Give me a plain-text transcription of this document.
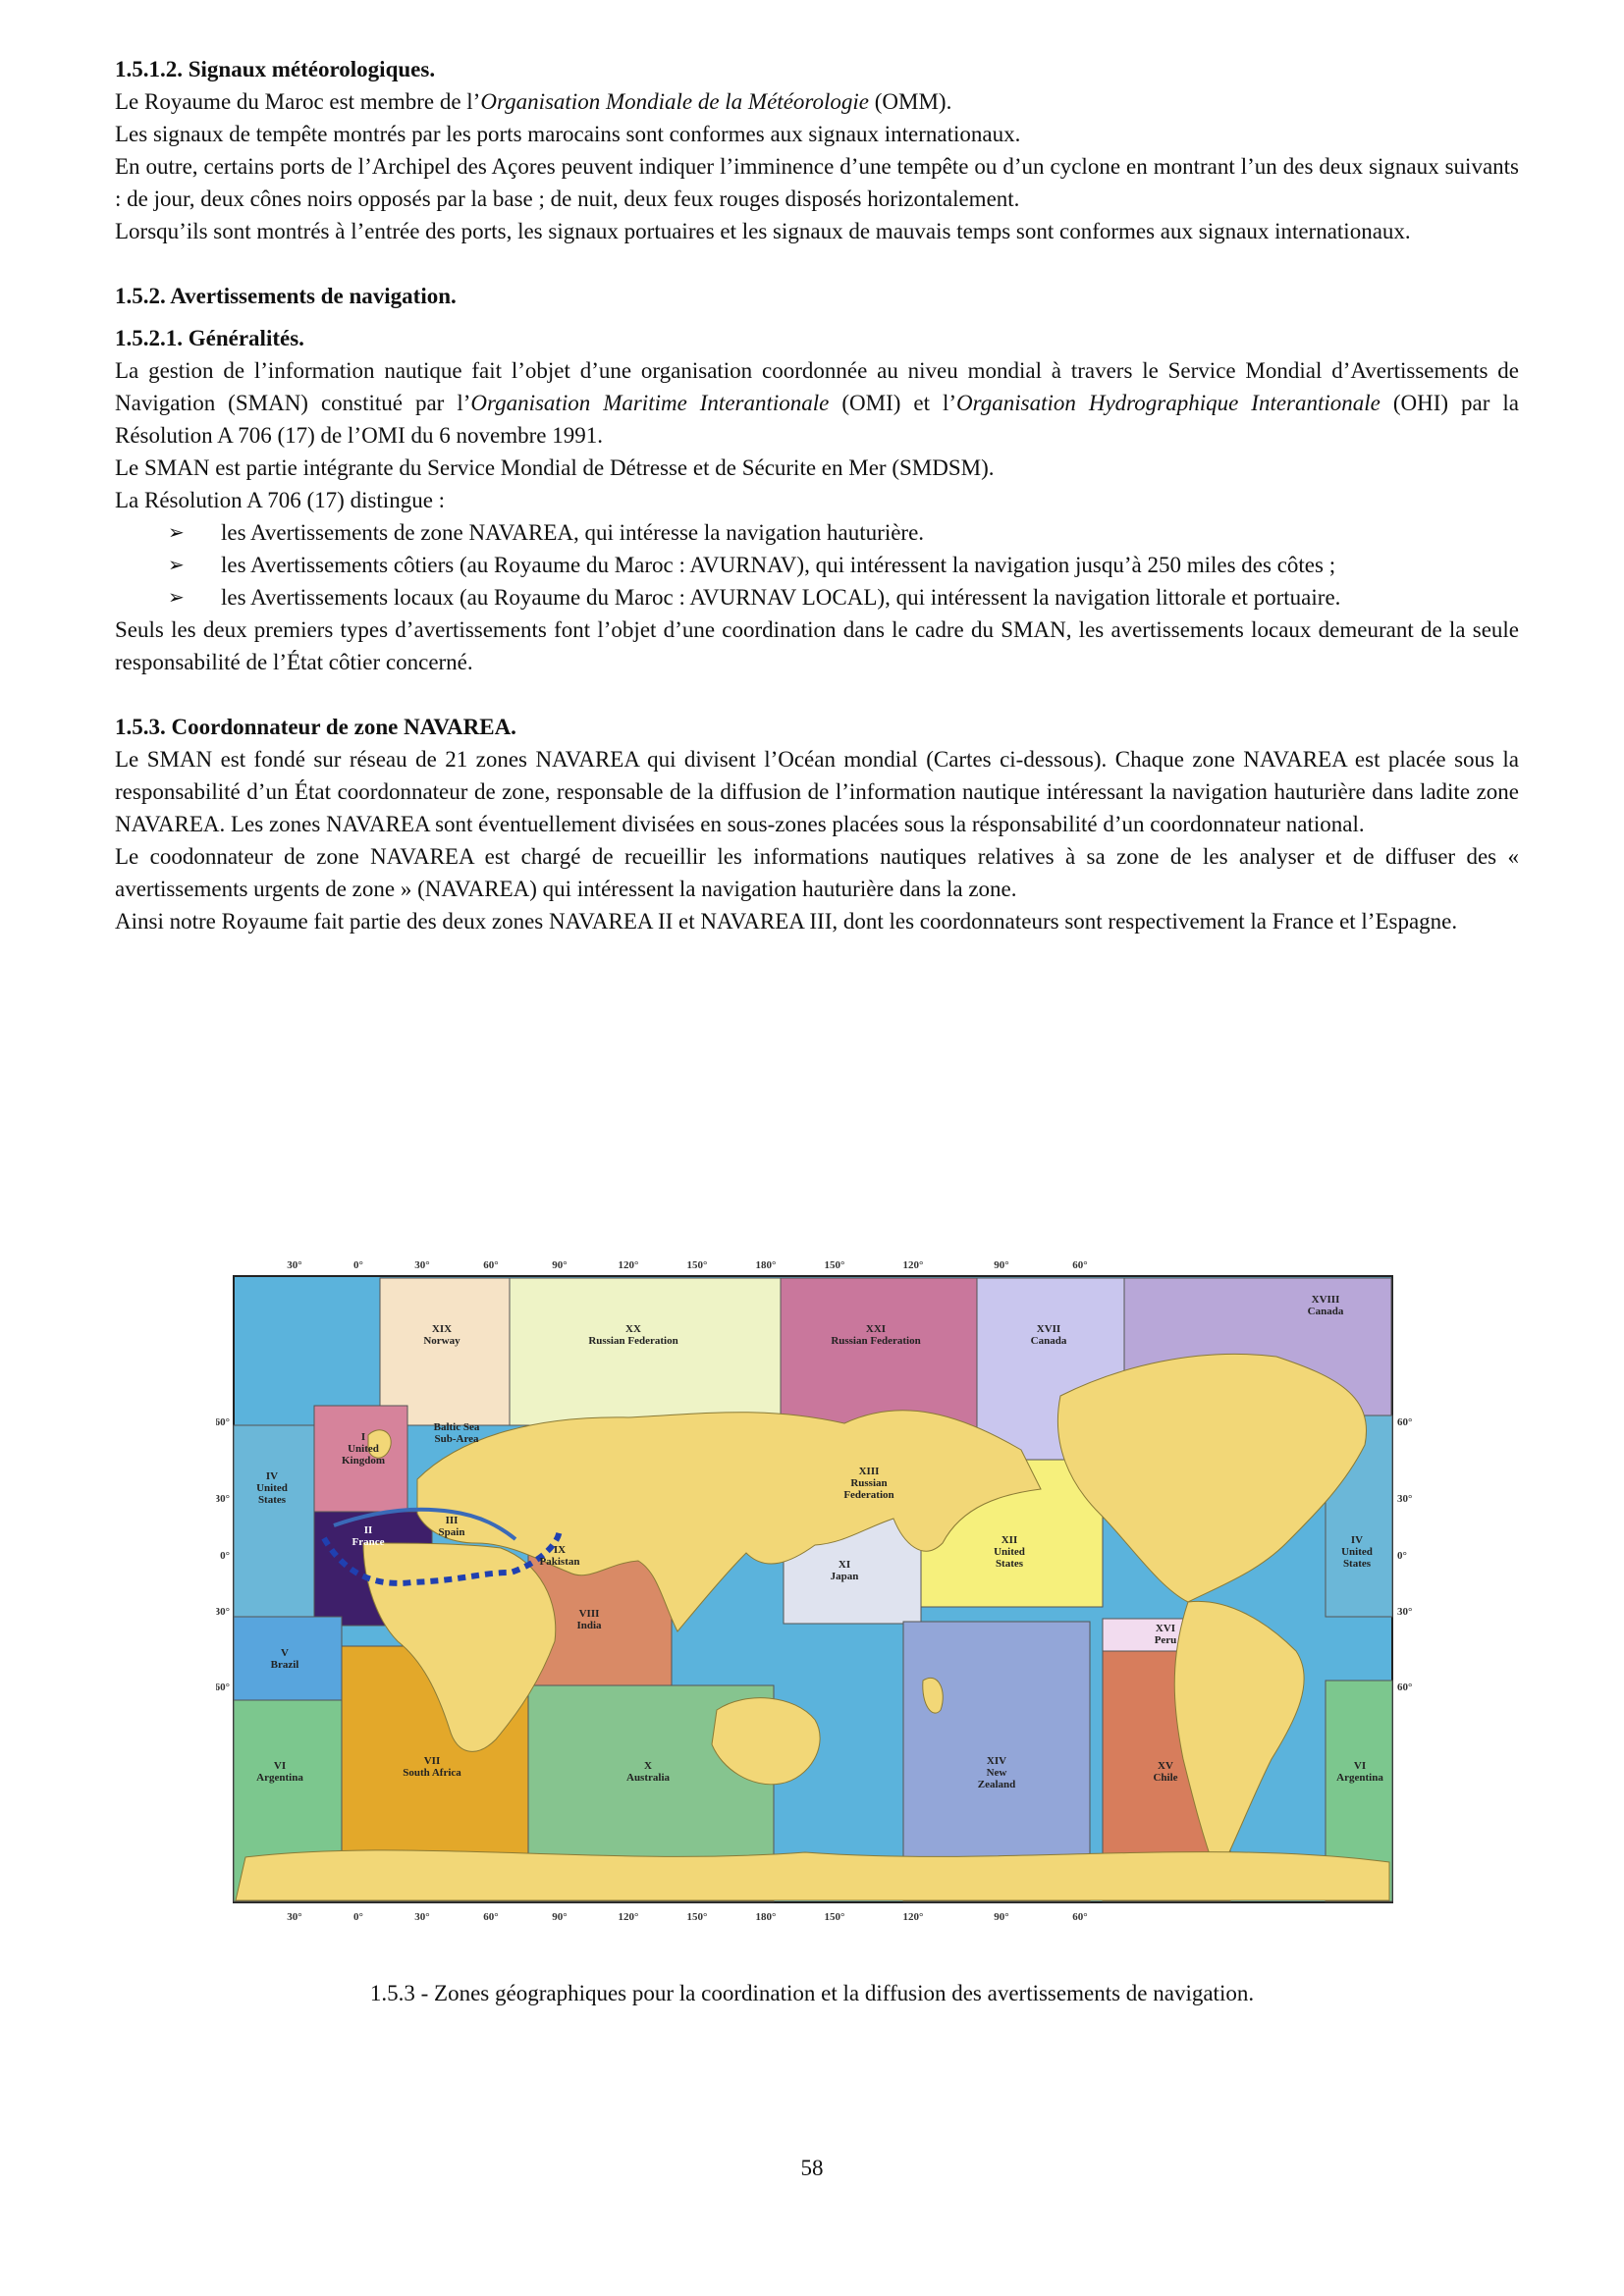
1.5.1.2. Signaux météorologiques.

Le Royaume du Maroc est membre de l’Organisation Mondiale de la Météorologie (OMM).

Les signaux de tempête montrés par les ports marocains sont conformes aux signaux internationaux.

En outre, certains ports de l’Archipel des Açores peuvent indiquer l’imminence d’une tempête ou d’un cyclone en montrant l’un des deux signaux suivants : de jour, deux cônes noirs opposés par la base ; de nuit, deux feux rouges disposés horizontalement.

Lorsqu’ils sont montrés à l’entrée des ports, les signaux portuaires et les signaux de mauvais temps sont conformes aux signaux internationaux.

1.5.2. Avertissements de navigation.
1.5.2.1. Généralités.

La gestion de l’information nautique fait l’objet d’une organisation coordonnée au niveu mondial à travers le Service Mondial d’Avertissements de Navigation (SMAN) constitué par l’Organisation Maritime Interantionale (OMI) et l’Organisation Hydrographique Interantionale (OHI) par la Résolution A 706 (17) de l’OMI du 6 novembre 1991.

Le SMAN est partie intégrante du Service Mondial de Détresse et de Sécurite en Mer (SMDSM).

La Résolution A 706 (17) distingue :

➢ les Avertissements de zone NAVAREA, qui intéresse la navigation hauturière.
➢ les Avertissements côtiers (au Royaume du Maroc : AVURNAV), qui intéressent la navigation jusqu’à 250 miles des côtes ;
➢ les Avertissements locaux (au Royaume du Maroc : AVURNAV LOCAL), qui intéressent la navigation littorale et portuaire.

Seuls les deux premiers types d’avertissements font l’objet d’une coordination dans le cadre du SMAN, les avertissements locaux demeurant de la seule responsabilité de l’État côtier concerné.

1.5.3. Coordonnateur de zone NAVAREA.

Le SMAN est fondé sur réseau de 21 zones NAVAREA qui divisent l’Océan mondial (Cartes ci-dessous). Chaque zone NAVAREA est placée sous la responsabilité d’un État coordonnateur de zone, responsable de la diffusion de l’information nautique intéressant la navigation hauturière dans ladite zone NAVAREA. Les zones NAVAREA sont éventuellement divisées en sous-zones placées sous la résponsabilité d’un coordonnateur national.

Le coodonnateur de zone NAVAREA est chargé de recueillir les informations nautiques relatives à sa zone de les analyser et de diffuser des « avertissements urgents de zone » (NAVAREA) qui intéressent la navigation hauturière dans la zone.

Ainsi notre Royaume fait partie des deux zones NAVAREA II et NAVAREA III, dont les coordonnateurs sont respectivement la France et l’Espagne.

XIX Norway
XX Russian Federation
XXI Russian Federation
XVII Canada
XVIII Canada
I United Kingdom
Baltic Sea Sub-Area
IV United States
II France
III Spain
IX Pakistan
XIII Russian Federation
XI Japan
XII United States
IV United States
V Brazil
VIII India	XVI Peru
VI Argentina
VII South Africa
X Australia
XIV New Zealand
XV Chile
VI Argentina
30°	0°	30°	60°	90°	120°	150°	180°	150°	120°	90°	60°
30°	0°	30°	60°	90°	120°	150°	180°	150°	120°	90°	60°
60°
30°
0°
30°
60°
60°
30°
0°
30°
60°
1.5.3 - Zones géographiques pour la coordination et la diffusion des avertissements de navigation.
58
